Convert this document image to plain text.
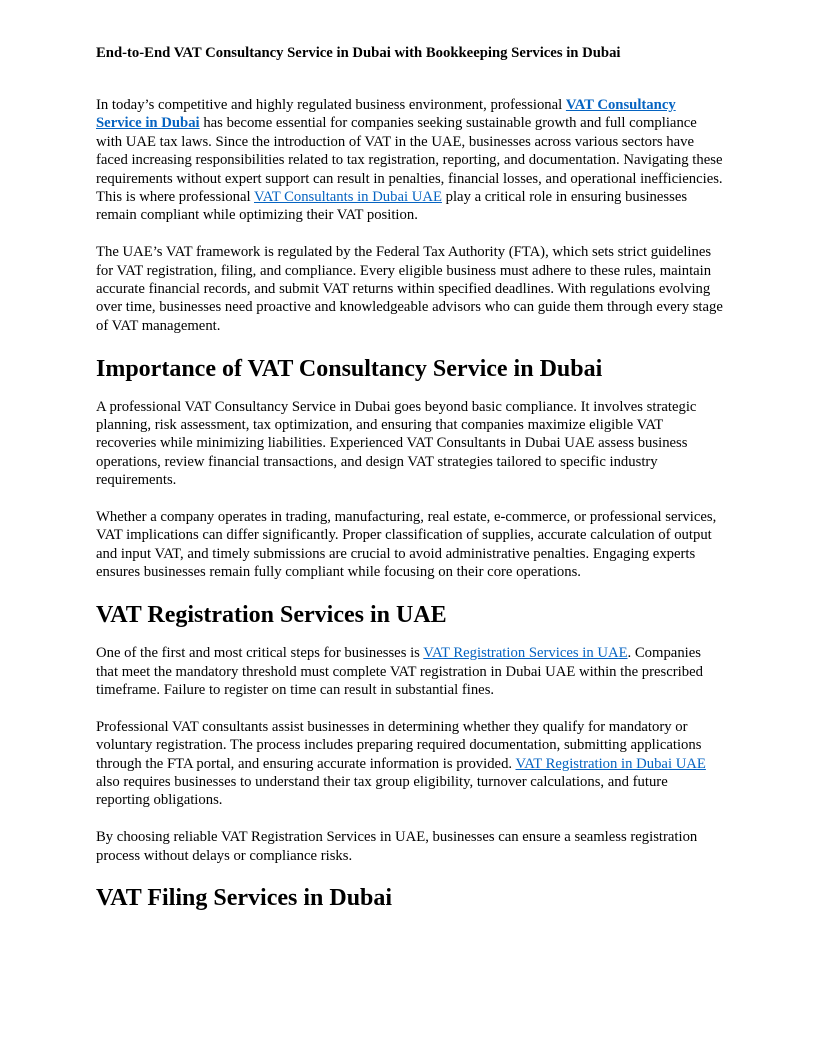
End-to-End VAT Consultancy Service in Dubai with Bookkeeping Services in Dubai

In today’s competitive and highly regulated business environment, professional VAT Consultancy Service in Dubai has become essential for companies seeking sustainable growth and full compliance with UAE tax laws. Since the introduction of VAT in the UAE, businesses across various sectors have faced increasing responsibilities related to tax registration, reporting, and documentation. Navigating these requirements without expert support can result in penalties, financial losses, and operational inefficiencies. This is where professional VAT Consultants in Dubai UAE play a critical role in ensuring businesses remain compliant while optimizing their VAT position.

The UAE’s VAT framework is regulated by the Federal Tax Authority (FTA), which sets strict guidelines for VAT registration, filing, and compliance. Every eligible business must adhere to these rules, maintain accurate financial records, and submit VAT returns within specified deadlines. With regulations evolving over time, businesses need proactive and knowledgeable advisors who can guide them through every stage of VAT management.

Importance of VAT Consultancy Service in Dubai

A professional VAT Consultancy Service in Dubai goes beyond basic compliance. It involves strategic planning, risk assessment, tax optimization, and ensuring that companies maximize eligible VAT recoveries while minimizing liabilities. Experienced VAT Consultants in Dubai UAE assess business operations, review financial transactions, and design VAT strategies tailored to specific industry requirements.

Whether a company operates in trading, manufacturing, real estate, e-commerce, or professional services, VAT implications can differ significantly. Proper classification of supplies, accurate calculation of output and input VAT, and timely submissions are crucial to avoid administrative penalties. Engaging experts ensures businesses remain fully compliant while focusing on their core operations.

VAT Registration Services in UAE

One of the first and most critical steps for businesses is VAT Registration Services in UAE. Companies that meet the mandatory threshold must complete VAT registration in Dubai UAE within the prescribed timeframe. Failure to register on time can result in substantial fines.

Professional VAT consultants assist businesses in determining whether they qualify for mandatory or voluntary registration. The process includes preparing required documentation, submitting applications through the FTA portal, and ensuring accurate information is provided. VAT Registration in Dubai UAE also requires businesses to understand their tax group eligibility, turnover calculations, and future reporting obligations.

By choosing reliable VAT Registration Services in UAE, businesses can ensure a seamless registration process without delays or compliance risks.

VAT Filing Services in Dubai
